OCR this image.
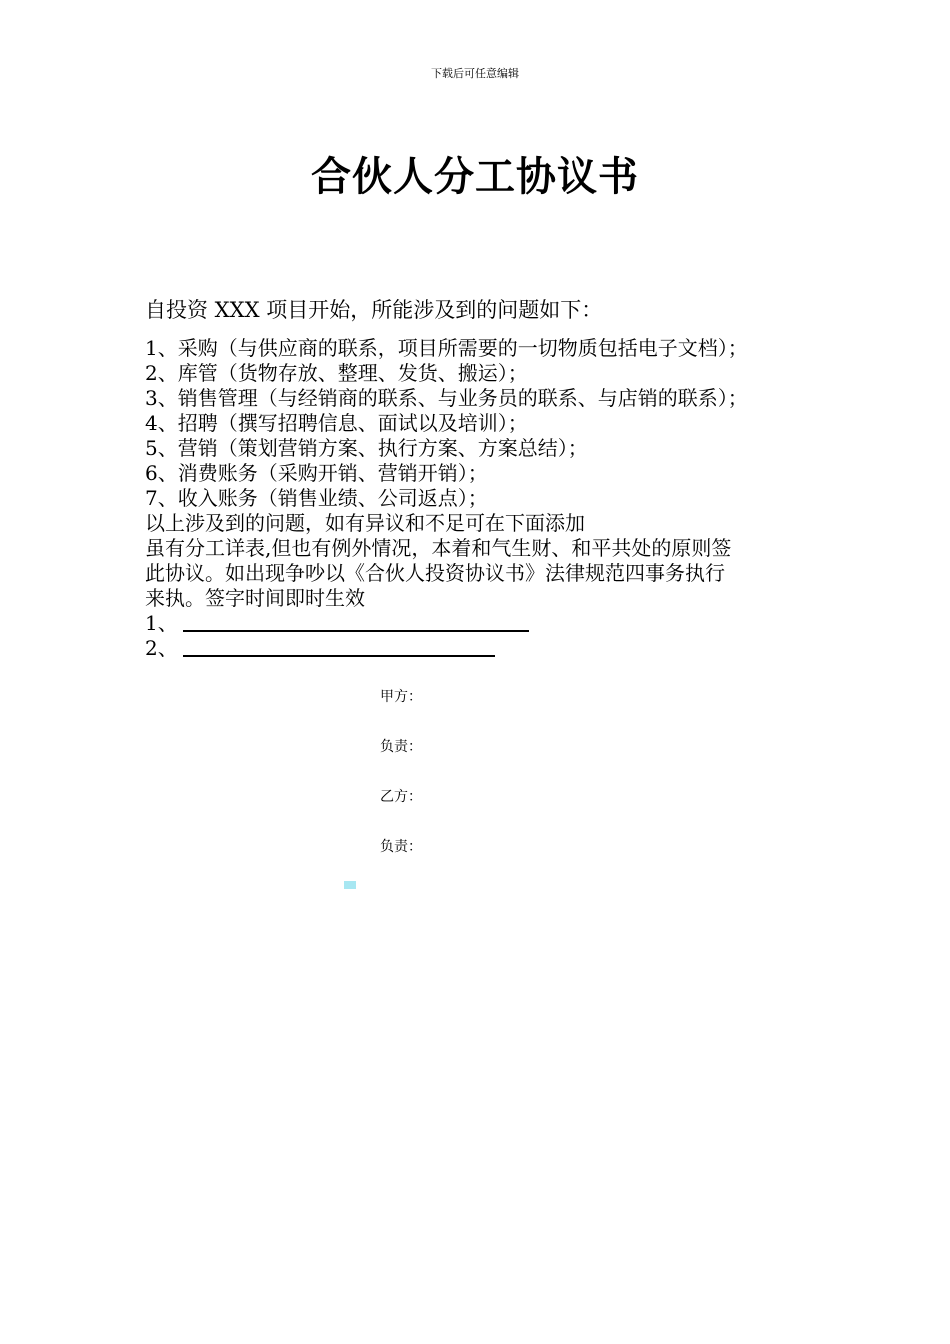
下载后可任意编辑
合伙人分工协议书
自投资 XXX 项目开始，所能涉及到的问题如下：
1、采购（与供应商的联系，项目所需要的一切物质包括电子文档）；
2、库管（货物存放、整理、发货、搬运）；
3、销售管理（与经销商的联系、与业务员的联系、与店销的联系）；
4、招聘（撰写招聘信息、面试以及培训）；
5、营销（策划营销方案、执行方案、方案总结）；
6、消费账务（采购开销、营销开销）；
7、收入账务（销售业绩、公司返点）；
以上涉及到的问题，如有异议和不足可在下面添加
虽有分工详表,但也有例外情况，本着和气生财、和平共处的原则签
此协议。如出现争吵以《合伙人投资协议书》法律规范四事务执行
来执。签字时间即时生效
1、
2、
甲方：
负责：
乙方：
负责：
